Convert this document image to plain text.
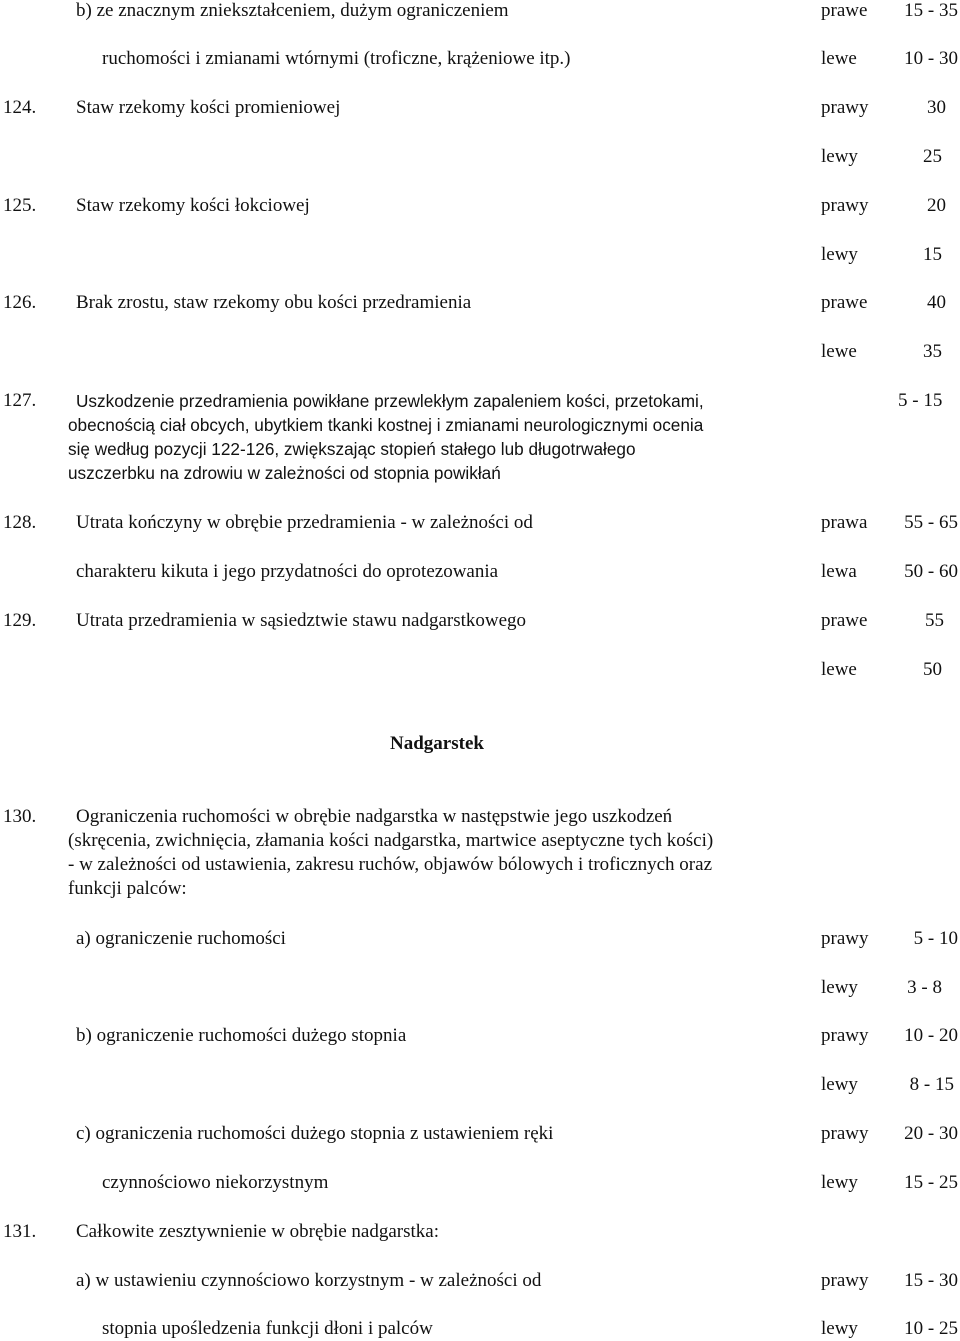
b) ze znacznym zniekształceniem, dużym ograniczeniem	prawe	15 - 35
ruchomości i zmianami wtórnymi (troficzne, krążeniowe itp.)	lewe	10 - 30
124. Staw rzekomy kości promieniowej	prawy	30
lewy	25
125. Staw rzekomy kości łokciowej	prawy	20
lewy	15
126. Brak zrostu, staw rzekomy obu kości przedramienia	prawe	40
lewe	35
127.	Uszkodzenie przedramienia powikłane przewlekłym zapaleniem kości, przetokami,
obecnością ciał obcych, ubytkiem tkanki kostnej i zmianami neurologicznymi ocenia
się według pozycji 122-126, zwiększając stopień stałego lub długotrwałego
uszczerbku na zdrowiu w zależności od stopnia powikłań
5 - 15
128. Utrata kończyny w obrębie przedramienia - w zależności od	prawa	55 - 65
charakteru kikuta i jego przydatności do oprotezowania	lewa	50 - 60
129. Utrata przedramienia w sąsiedztwie stawu nadgarstkowego	prawe	55
lewe	50
Nadgarstek
130.	Ograniczenia ruchomości w obrębie nadgarstka w następstwie jego uszkodzeń
(skręcenia, zwichnięcia, złamania kości nadgarstka, martwice aseptyczne tych kości)
- w zależności od ustawienia, zakresu ruchów, objawów bólowych i troficznych oraz
funkcji palców:
a) ograniczenie ruchomości	prawy	5 - 10
lewy	3 - 8
b) ograniczenie ruchomości dużego stopnia	prawy	10 - 20
lewy	8 - 15
c) ograniczenia ruchomości dużego stopnia z ustawieniem ręki	prawy	20 - 30
czynnościowo niekorzystnym	lewy	15 - 25
131. Całkowite zesztywnienie w obrębie nadgarstka:
a) w ustawieniu czynnościowo korzystnym - w zależności od	prawy	15 - 30
stopnia upośledzenia funkcji dłoni i palców	lewy	10 - 25
